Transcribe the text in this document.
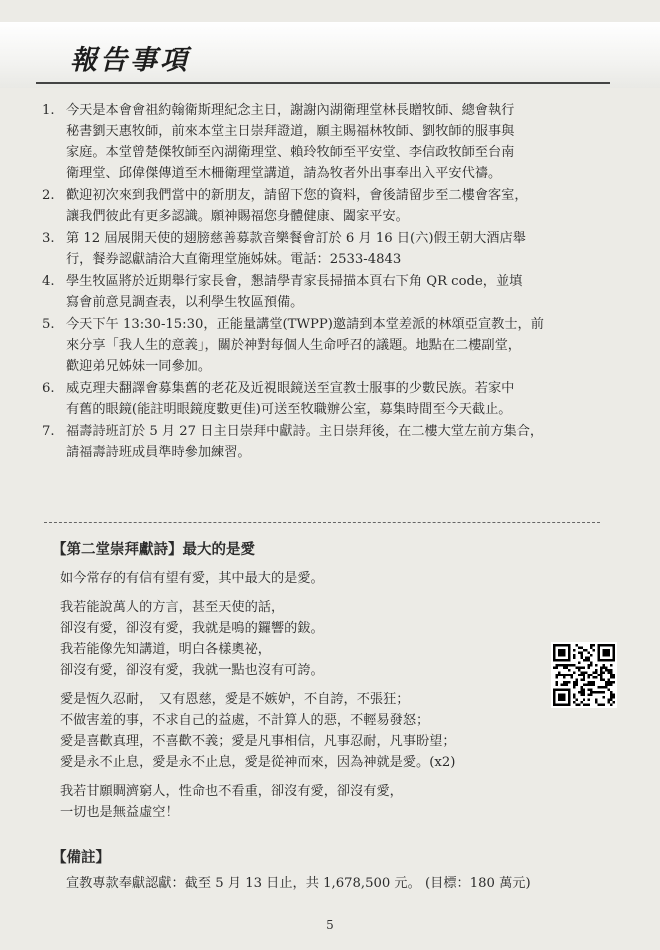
報告事項
1. 今天是本會會祖約翰衛斯理紀念主日，謝謝內湖衛理堂林長贈牧師、總會執行
秘書劉天惠牧師，前來本堂主日崇拜證道，願主賜福林牧師、劉牧師的服事與
家庭。本堂曾楚傑牧師至內湖衛理堂、賴玲牧師至平安堂、李信政牧師至台南
衛理堂、邱偉傑傳道至木柵衛理堂講道，請為牧者外出事奉出入平安代禱。
2. 歡迎初次來到我們當中的新朋友，請留下您的資料，會後請留步至二樓會客室，
讓我們彼此有更多認識。願神賜福您身體健康、闔家平安。
3. 第 12 屆展開天使的翅膀慈善募款音樂餐會訂於 6 月 16 日(六)假王朝大酒店舉
行，餐券認獻請洽大直衛理堂施姊妹。電話：2533-4843
4. 學生牧區將於近期舉行家長會，懇請學青家長掃描本頁右下角 QR code，並填
寫會前意見調查表，以利學生牧區預備。
5. 今天下午 13:30-15:30，正能量講堂(TWPP)邀請到本堂差派的林頌亞宣教士，前
來分享「我人生的意義」，關於神對每個人生命呼召的議題。地點在二樓副堂，
歡迎弟兄姊妹一同參加。
6. 威克理夫翻譯會募集舊的老花及近視眼鏡送至宣教士服事的少數民族。若家中
有舊的眼鏡(能註明眼鏡度數更佳)可送至牧職辦公室，募集時間至今天截止。
7. 福壽詩班訂於 5 月 27 日主日崇拜中獻詩。主日崇拜後，在二樓大堂左前方集合，
請福壽詩班成員準時參加練習。
【第二堂崇拜獻詩】最大的是愛
如今常存的有信有望有愛，其中最大的是愛。
我若能說萬人的方言，甚至天使的話，
卻沒有愛，卻沒有愛，我就是鳴的鑼響的鈸。
我若能像先知講道，明白各樣奧祕，
卻沒有愛，卻沒有愛，我就一點也沒有可誇。
愛是恆久忍耐，　又有恩慈，愛是不嫉妒，不自誇，不張狂；
不做害羞的事，不求自己的益處，不計算人的惡，不輕易發怒；
愛是喜歡真理，不喜歡不義；愛是凡事相信，凡事忍耐，凡事盼望；
愛是永不止息，愛是永不止息，愛是從神而來，因為神就是愛。(x2)
我若甘願賙濟窮人，性命也不看重，卻沒有愛，卻沒有愛，
一切也是無益虛空！
【備註】
宣教專款奉獻認獻：截至 5 月 13 日止，共 1,678,500 元。 (目標：180 萬元)
5
